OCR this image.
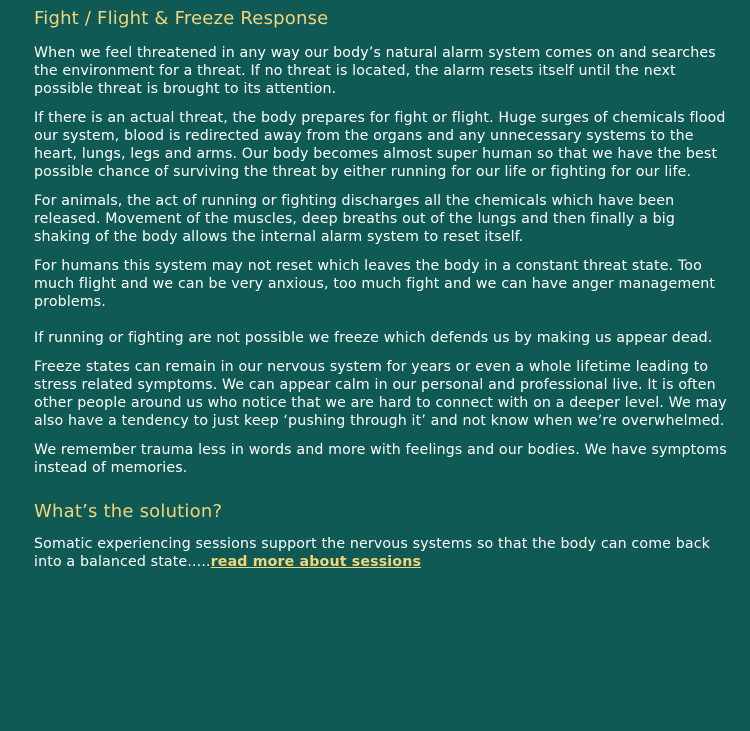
Fight / Flight & Freeze Response

When we feel threatened in any way our body’s natural alarm system comes on and searches the environment for a threat. If no threat is located, the alarm resets itself until the next possible threat is brought to its attention.

If there is an actual threat, the body prepares for fight or flight. Huge surges of chemicals flood our system, blood is redirected away from the organs and any unnecessary systems to the heart, lungs, legs and arms. Our body becomes almost super human so that we have the best possible chance of surviving the threat by either running for our life or fighting for our life.

For animals, the act of running or fighting discharges all the chemicals which have been released. Movement of the muscles, deep breaths out of the lungs and then finally a big shaking of the body allows the internal alarm system to reset itself.

For humans this system may not reset which leaves the body in a constant threat state. Too much flight and we can be very anxious, too much fight and we can have anger management problems.

If running or fighting are not possible we freeze which defends us by making us appear dead.

Freeze states can remain in our nervous system for years or even a whole lifetime leading to stress related symptoms. We can appear calm in our personal and professional live. It is often other people around us who notice that we are hard to connect with on a deeper level. We may also have a tendency to just keep ‘pushing through it’ and not know when we’re overwhelmed.

We remember trauma less in words and more with feelings and our bodies. We have symptoms instead of memories.

What’s the solution?

Somatic experiencing sessions support the nervous systems so that the body can come back into a balanced state.....read more about sessions
